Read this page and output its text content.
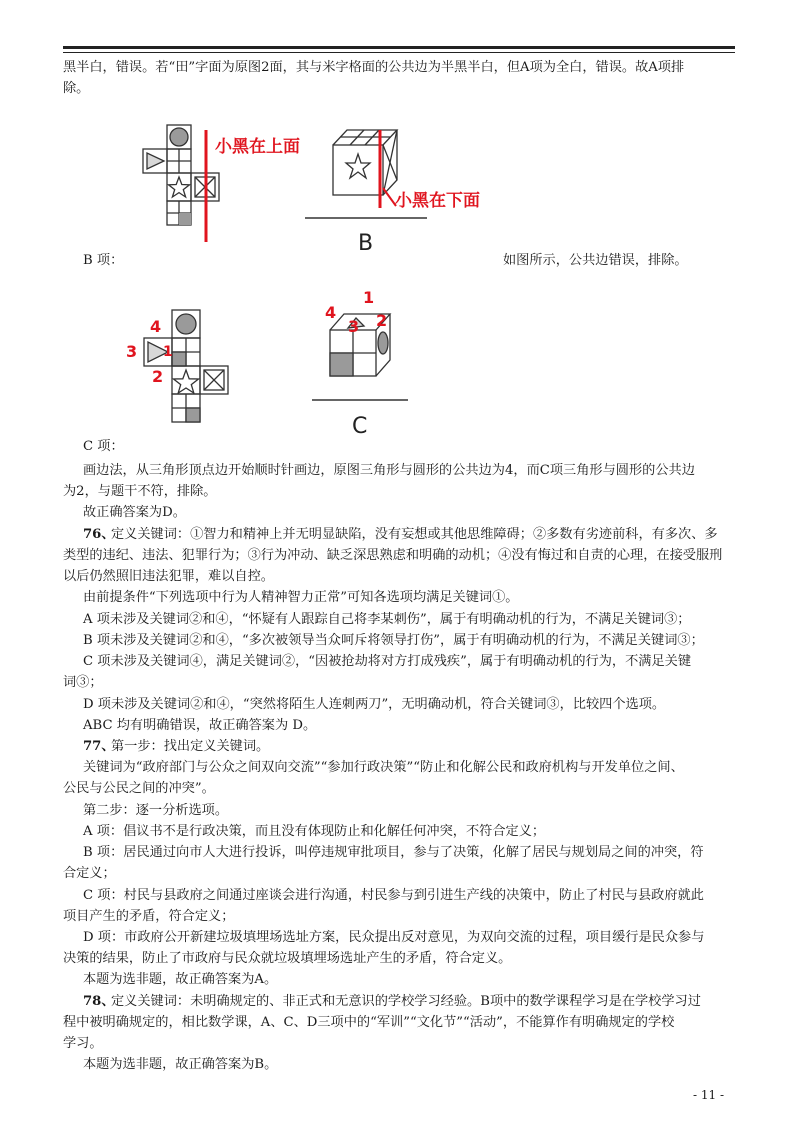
黑半白，错误。若“田”字面为原图2面，其与米字格面的公共边为半黑半白，但A项为全白，错误。故A项排
除。
小黑在上面
小黑在下面
B
B 项：	如图所示，公共边错误，排除。
4
3 1
2
1
4
3 2
C
C 项：
画边法，从三角形顶点边开始顺时针画边，原图三角形与圆形的公共边为4，而C项三角形与圆形的公共边
为2，与题干不符，排除。
故正确答案为D。
76、
定义关键词：①智力和精神上并无明显缺陷，没有妄想或其他思维障碍；②多数有劣迹前科，有多次、多
类型的违纪、违法、犯罪行为；③行为冲动、缺乏深思熟虑和明确的动机；④没有悔过和自责的心理，在接受服刑
以后仍然照旧违法犯罪，难以自控。
由前提条件“下列选项中行为人精神智力正常”可知各选项均满足关键词①。
A 项未涉及关键词②和④，“怀疑有人跟踪自己将李某刺伤”，属于有明确动机的行为，不满足关键词③；
B 项未涉及关键词②和④，“多次被领导当众呵斥将领导打伤”，属于有明确动机的行为，不满足关键词③；
C 项未涉及关键词④，满足关键词②，“因被抢劫将对方打成残疾”，属于有明确动机的行为，不满足关键
词③；
D 项未涉及关键词②和④，“突然将陌生人连刺两刀”，无明确动机，符合关键词③，比较四个选项。
ABC 均有明确错误，故正确答案为 D。
77、
第一步：找出定义关键词。
关键词为“政府部门与公众之间双向交流”“参加行政决策”“防止和化解公民和政府机构与开发单位之间、
公民与公民之间的冲突”。
第二步：逐一分析选项。
A 项：倡议书不是行政决策，而且没有体现防止和化解任何冲突，不符合定义；
B 项：居民通过向市人大进行投诉，叫停违规审批项目，参与了决策，化解了居民与规划局之间的冲突，符
合定义；
C 项：村民与县政府之间通过座谈会进行沟通，村民参与到引进生产线的决策中，防止了村民与县政府就此
项目产生的矛盾，符合定义；
D 项：市政府公开新建垃圾填埋场选址方案，民众提出反对意见，为双向交流的过程，项目缓行是民众参与
决策的结果，防止了市政府与民众就垃圾填埋场选址产生的矛盾，符合定义。
本题为选非题，故正确答案为A。
78、
定义关键词：未明确规定的、非正式和无意识的学校学习经验。B项中的数学课程学习是在学校学习过
程中被明确规定的，相比数学课，A、C、D三项中的“军训”“文化节”“活动”，不能算作有明确规定的学校
学习。
本题为选非题，故正确答案为B。
- 11 -
